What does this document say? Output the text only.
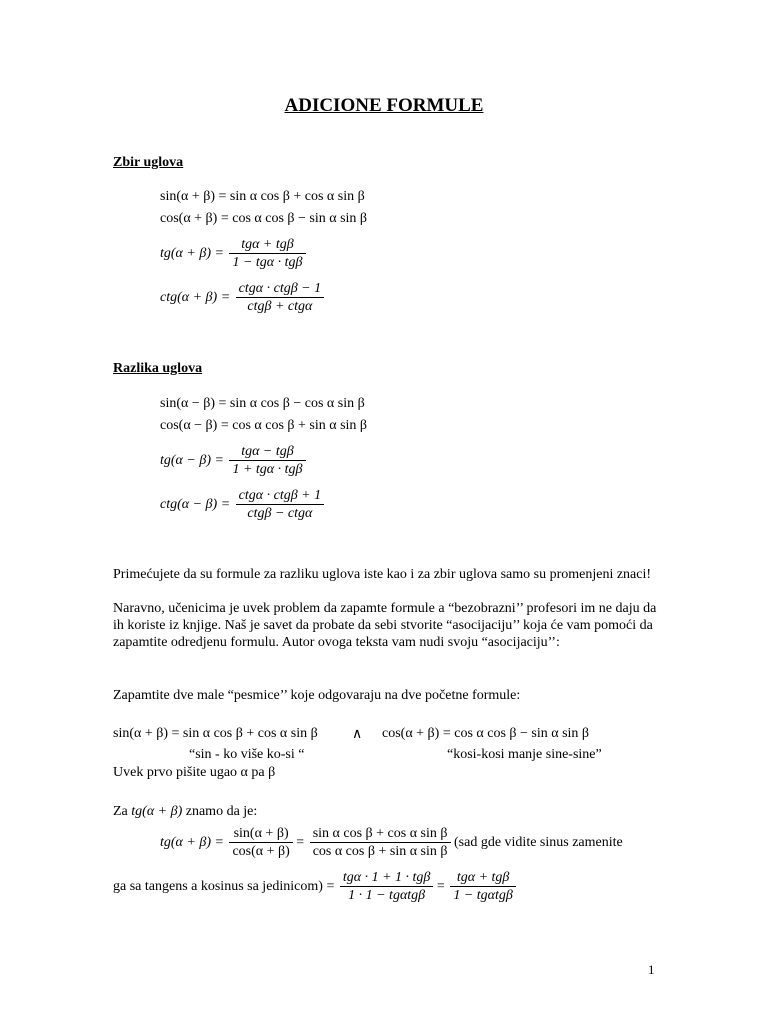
ADICIONE FORMULE
Zbir uglova
sin(α + β) = sin α cos β + cos α sin β
cos(α + β) = cos α cos β − sin α sin β
$tg(\alpha + \beta) = \frac{\text{tgα + tgβ}}{\text{1 − tgα · tgβ}}$
$ctg(\alpha + \beta) = \frac{\text{ctgα · ctgβ − 1}}{\text{ctgβ + ctgα}}$
Razlika uglova
sin(α − β) = sin α cos β − cos α sin β
cos(α − β) = cos α cos β + sin α sin β
$tg(\alpha - \beta) = \frac{\text{tgα − tgβ}}{\text{1 + tgα · tgβ}}$
$ctg(\alpha - \beta) = \frac{\text{ctgα · ctgβ + 1}}{\text{ctgβ − ctgα}}$
Primećujete da su formule za razliku uglova iste kao i za zbir uglova samo su promenjeni znaci!
Naravno, učenicima je uvek problem da zapamte formule a “bezobrazni’’ profesori im ne daju da ih koriste iz knjige. Naš je savet da probate da sebi stvorite “asocijaciju’’ koja će vam pomoći da zapamtite odredjenu formulu. Autor ovoga teksta vam nudi svoju “asocijaciju’’:
Zapamtite dve male “pesmice’’ koje odgovaraju na dve početne formule:
sin(α + β) = sin α cos β + cos α sin β ∧ cos(α + β) = cos α cos β − sin α sin β
“sin - ko više ko-si “	“kosi-kosi manje sine-sine”
Uvek prvo pišite ugao α pa β
Za tg(α + β) znamo da je:
$tg(\alpha + \beta) = \frac{\sin(\alpha + \beta)}{\cos(\alpha + \beta)} = \frac{\text{sin α cos β + cos α sin β}}{\text{cos α cos β + sin α sin β}} (sad$ gde vidite sinus zamenite
ga sa tangens a kosinus sa jedinicom) = $\frac{\text{tgα · 1 + 1 · tgβ}}{\text{1 · 1 − tgαtgβ}} = \frac{\text{tgα + tgβ}}{\text{1 − tgαtgβ}}$
1
